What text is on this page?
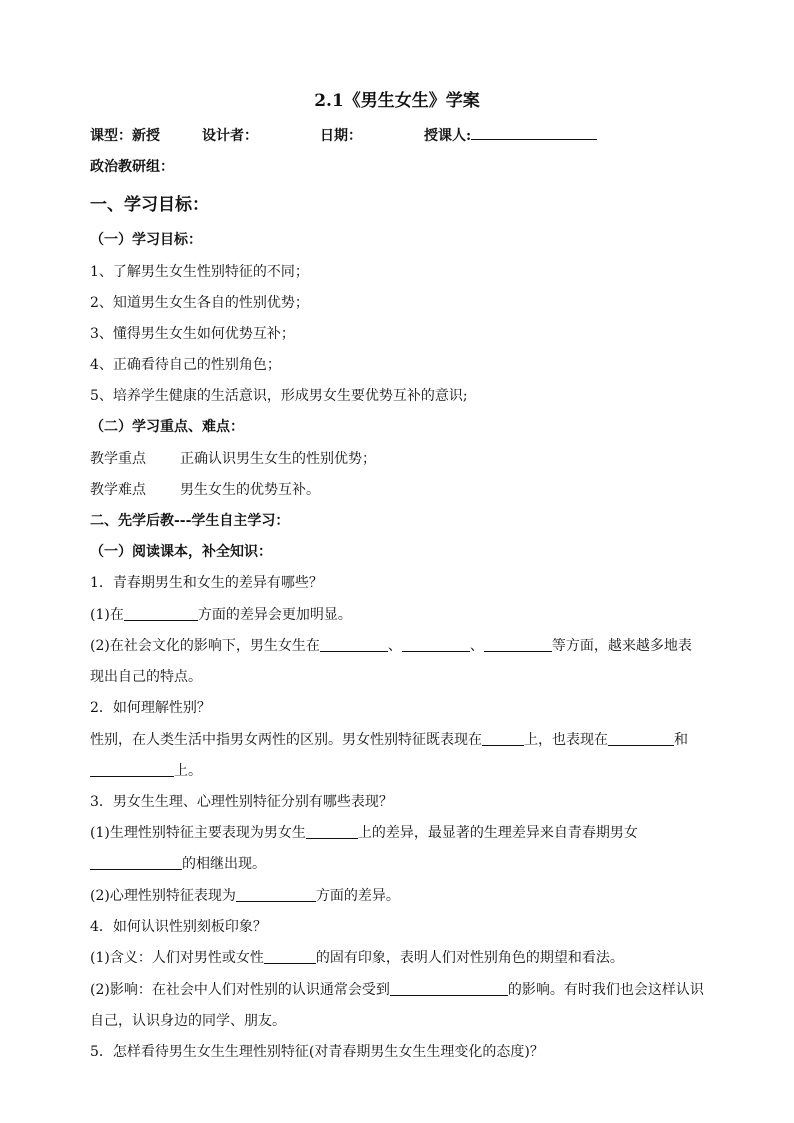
2.1《男生女生》学案
课型：新授	设计者：	日期：	授课人:
政治教研组：
一、学习目标：
（一）学习目标：
1、了解男生女生性别特征的不同；
2、知道男生女生各自的性别优势；
3、懂得男生女生如何优势互补；
4、正确看待自己的性别角色；
5、培养学生健康的生活意识，形成男女生要优势互补的意识;
（二）学习重点、难点：
教学重点 正确认识男生女生的性别优势；
教学难点 男生女生的优势互补。
二、先学后教---学生自主学习：
（一）阅读课本，补全知识：
1．青春期男生和女生的差异有哪些？
(1)在	方面的差异会更加明显。
(2)在社会文化的影响下，男生女生在	、	、	等方面，越来越多地表
现出自己的特点。
2．如何理解性别？
性别，在人类生活中指男女两性的区别。男女性别特征既表现在	上，也表现在	和
上。
3．男女生生理、心理性别特征分别有哪些表现？
(1)生理性别特征主要表现为男女生	上的差异，最显著的生理差异来自青春期男女
的相继出现。
(2)心理性别特征表现为	方面的差异。
4．如何认识性别刻板印象？
(1)含义：人们对男性或女性	的固有印象，表明人们对性别角色的期望和看法。
(2)影响：在社会中人们对性别的认识通常会受到	的影响。有时我们也会这样认识
自己，认识身边的同学、朋友。
5．怎样看待男生女生生理性别特征(对青春期男生女生生理变化的态度)？
